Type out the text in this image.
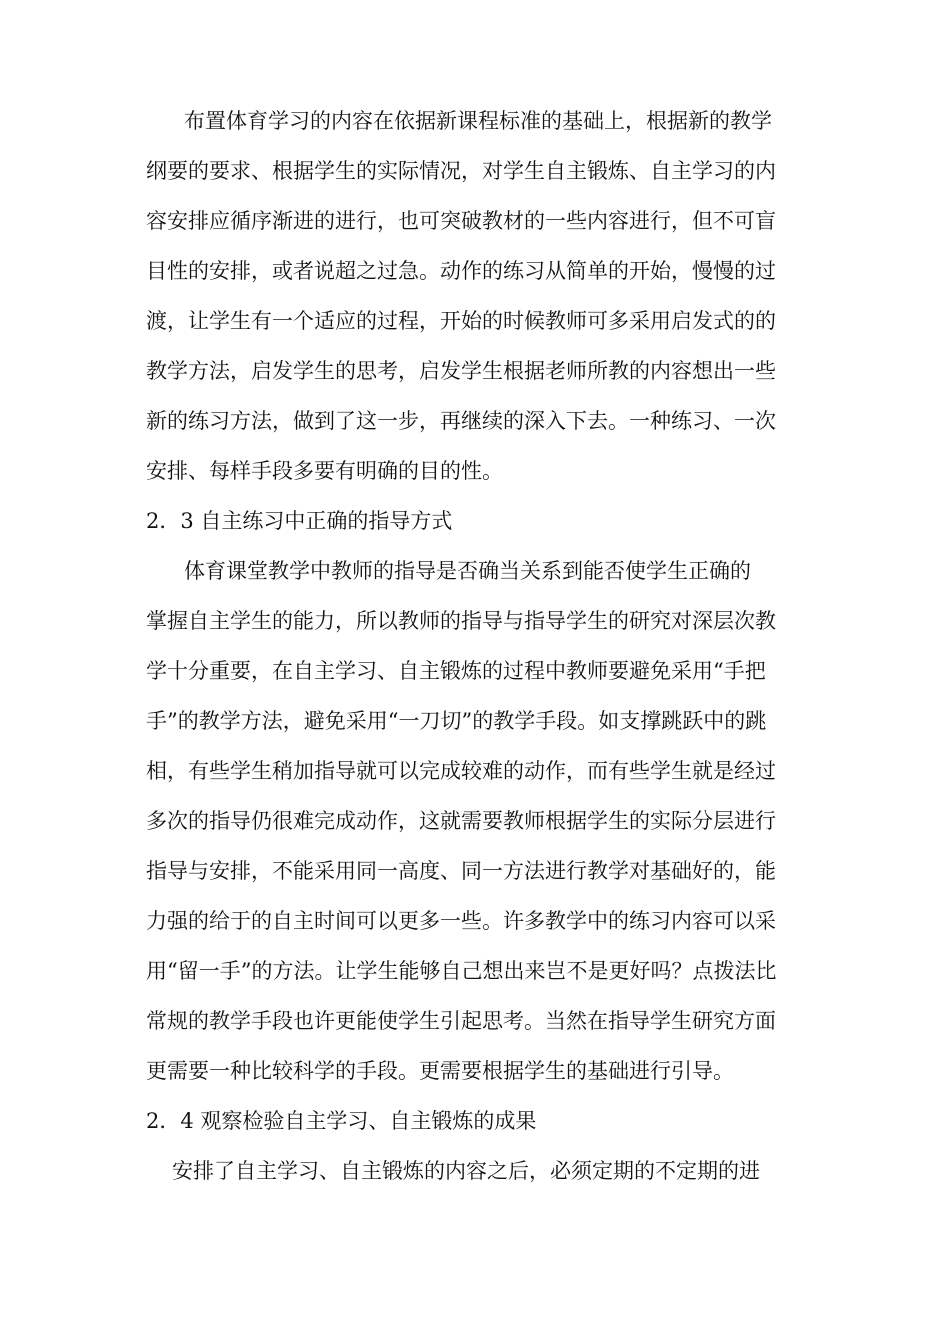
布置体育学习的内容在依据新课程标准的基础上，根据新的教学
纲要的要求、根据学生的实际情况，对学生自主锻炼、自主学习的内
容安排应循序渐进的进行，也可突破教材的一些内容进行，但不可盲
目性的安排，或者说超之过急。动作的练习从简单的开始，慢慢的过
渡，让学生有一个适应的过程，开始的时候教师可多采用启发式的的
教学方法，启发学生的思考，启发学生根据老师所教的内容想出一些
新的练习方法，做到了这一步，再继续的深入下去。一种练习、一次
安排、每样手段多要有明确的目的性。
2．3 自主练习中正确的指导方式
体育课堂教学中教师的指导是否确当关系到能否使学生正确的
掌握自主学生的能力，所以教师的指导与指导学生的研究对深层次教
学十分重要，在自主学习、自主锻炼的过程中教师要避免采用“手把
手”的教学方法，避免采用“一刀切”的教学手段。如支撑跳跃中的跳
相，有些学生稍加指导就可以完成较难的动作，而有些学生就是经过
多次的指导仍很难完成动作，这就需要教师根据学生的实际分层进行
指导与安排，不能采用同一高度、同一方法进行教学对基础好的，能
力强的给于的自主时间可以更多一些。许多教学中的练习内容可以采
用“留一手”的方法。让学生能够自己想出来岂不是更好吗？点拨法比
常规的教学手段也许更能使学生引起思考。当然在指导学生研究方面
更需要一种比较科学的手段。更需要根据学生的基础进行引导。
2．4 观察检验自主学习、自主锻炼的成果
安排了自主学习、自主锻炼的内容之后，必须定期的不定期的进
